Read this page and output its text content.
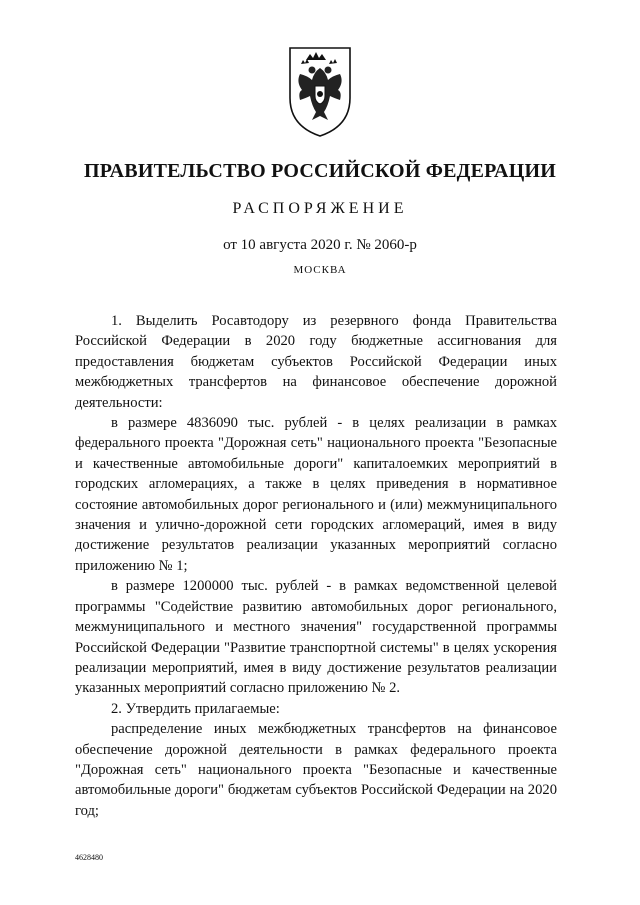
ПРАВИТЕЛЬСТВО РОССИЙСКОЙ ФЕДЕРАЦИИ
РАСПОРЯЖЕНИЕ
от 10 августа 2020 г. № 2060-р
МОСКВА

1. Выделить Росавтодору из резервного фонда Правительства Российской Федерации в 2020 году бюджетные ассигнования для предоставления бюджетам субъектов Российской Федерации иных межбюджетных трансфертов на финансовое обеспечение дорожной деятельности:

в размере 4836090 тыс. рублей - в целях реализации в рамках федерального проекта "Дорожная сеть" национального проекта "Безопасные и качественные автомобильные дороги" капиталоемких мероприятий в городских агломерациях, а также в целях приведения в нормативное состояние автомобильных дорог регионального и (или) межмуниципального значения и улично-дорожной сети городских агломераций, имея в виду достижение результатов реализации указанных мероприятий согласно приложению № 1;

в размере 1200000 тыс. рублей - в рамках ведомственной целевой программы "Содействие развитию автомобильных дорог регионального, межмуниципального и местного значения" государственной программы Российской Федерации "Развитие транспортной системы" в целях ускорения реализации мероприятий, имея в виду достижение результатов реализации указанных мероприятий согласно приложению № 2.

2. Утвердить прилагаемые:

распределение иных межбюджетных трансфертов на финансовое обеспечение дорожной деятельности в рамках федерального проекта "Дорожная сеть" национального проекта "Безопасные и качественные автомобильные дороги" бюджетам субъектов Российской Федерации на 2020 год;

4628480
